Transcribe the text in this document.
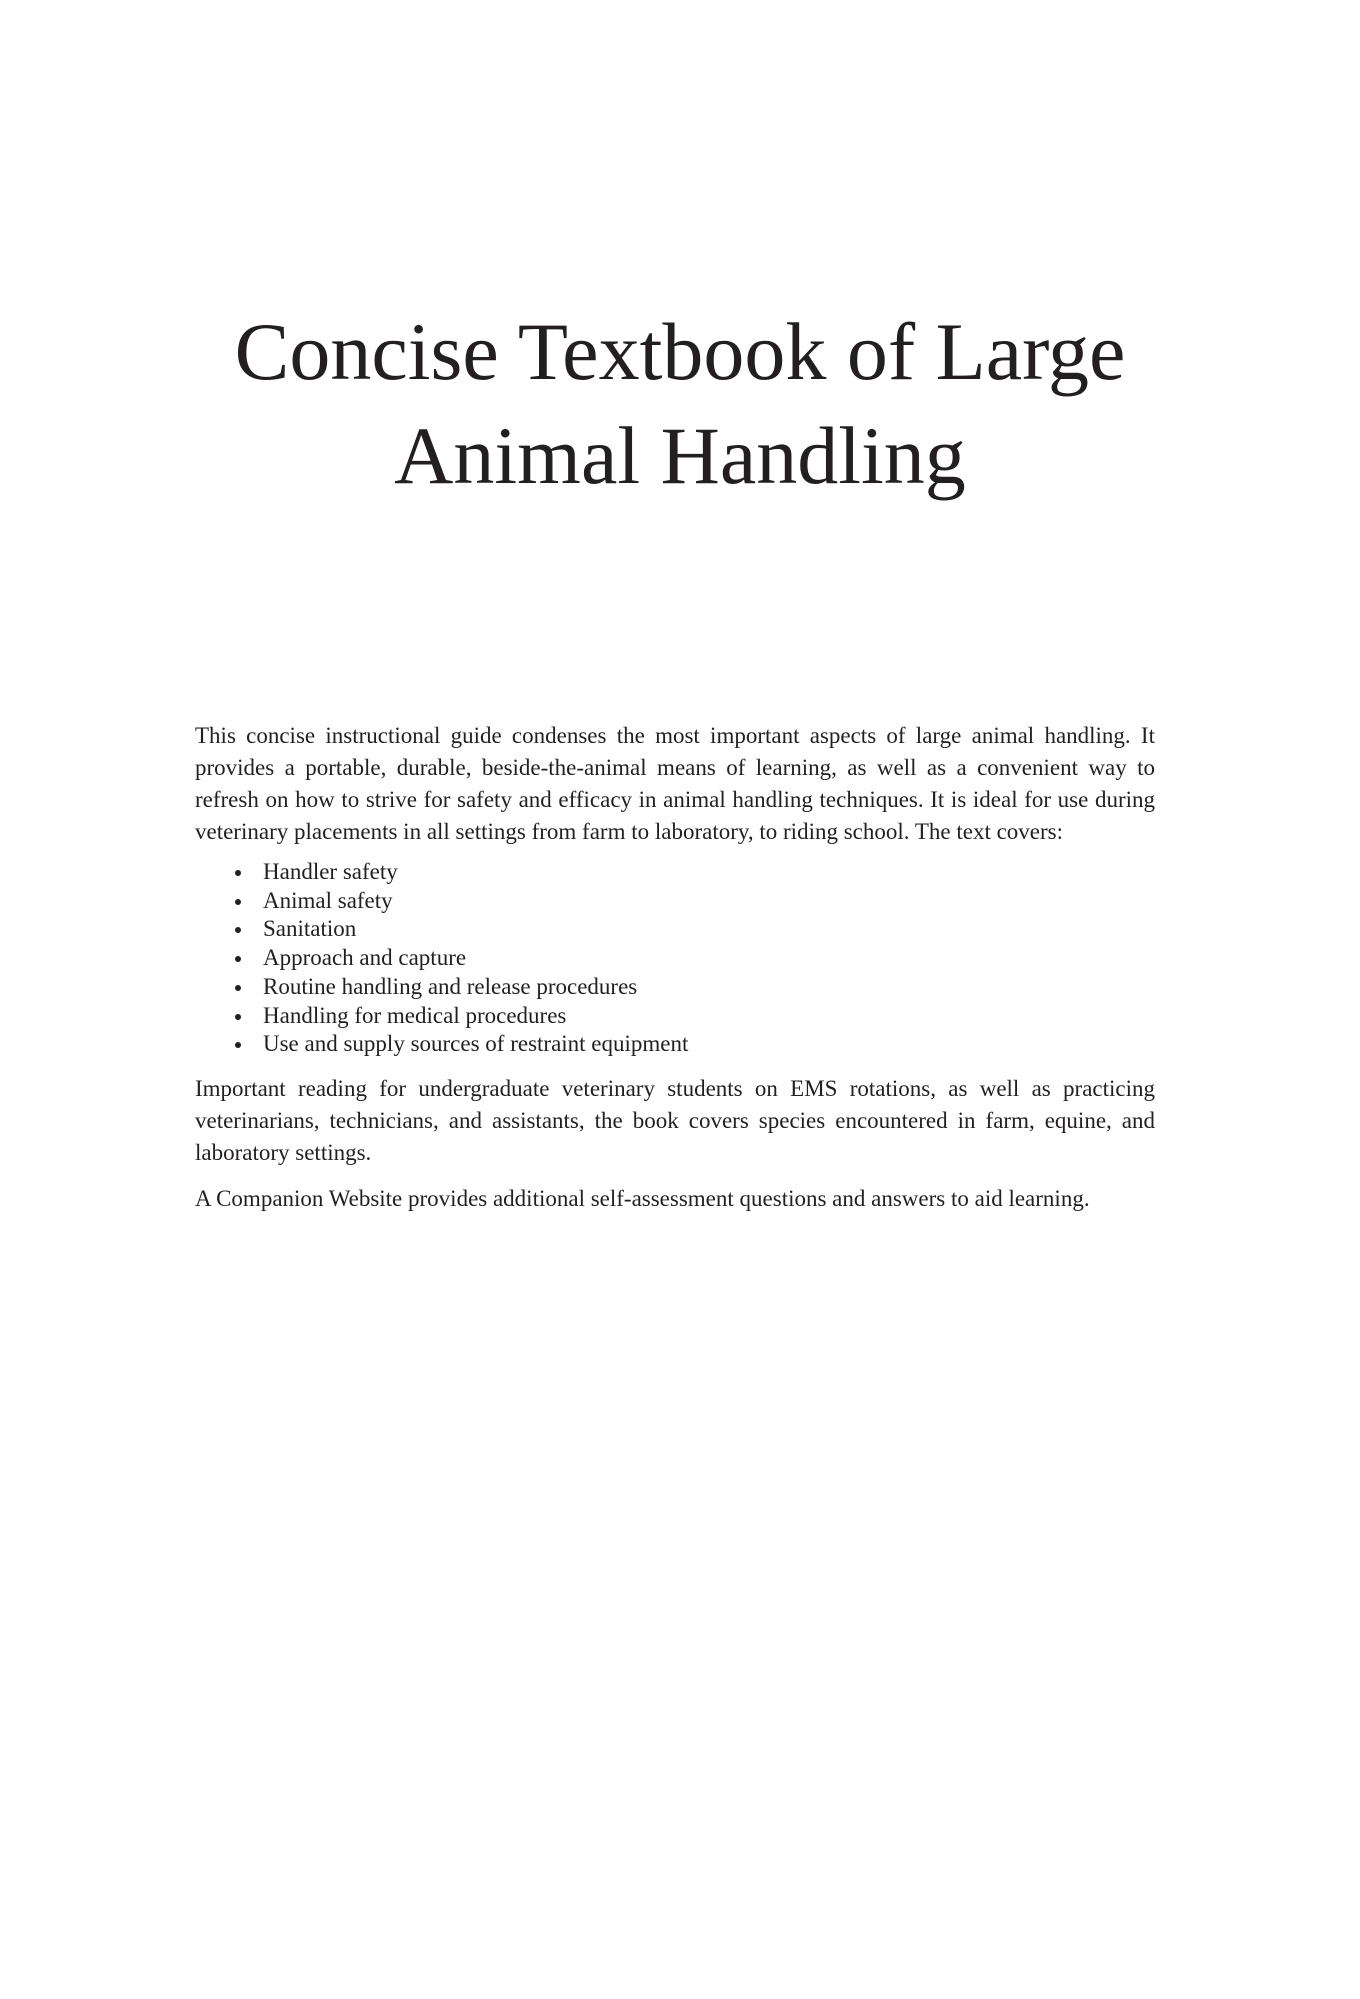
Concise Textbook of Large
Animal Handling

This concise instructional guide condenses the most important aspects of large animal handling. It provides a portable, durable, beside-the-animal means of learning, as well as a convenient way to refresh on how to strive for safety and efficacy in animal handling techniques. It is ideal for use during veterinary placements in all settings from farm to laboratory, to riding school. The text covers:

Handler safety
Animal safety
Sanitation
Approach and capture
Routine handling and release procedures
Handling for medical procedures
Use and supply sources of restraint equipment

Important reading for undergraduate veterinary students on EMS rotations, as well as practicing veterinarians, technicians, and assistants, the book covers species encountered in farm, equine, and laboratory settings.

A Companion Website provides additional self-assessment questions and answers to aid learning.
